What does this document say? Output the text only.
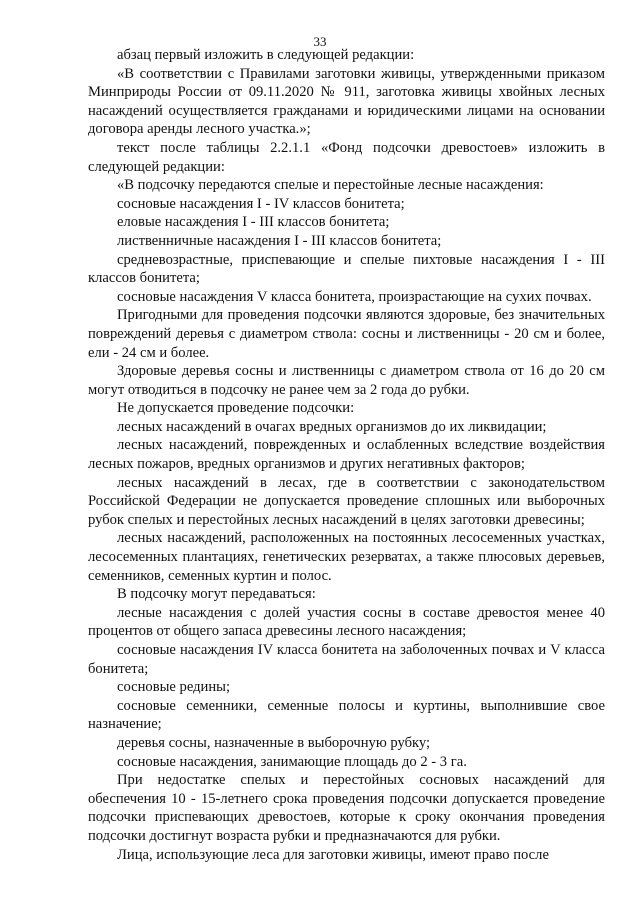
33

абзац первый изложить в следующей редакции:

«В соответствии с Правилами заготовки живицы, утвержденными приказом Минприроды России от 09.11.2020 № 911, заготовка живицы хвойных лесных насаждений осуществляется гражданами и юридическими лицами на основании договора аренды лесного участка.»;

текст после таблицы 2.2.1.1 «Фонд подсочки древостоев» изложить в следующей редакции:

«В подсочку передаются спелые и перестойные лесные насаждения:

сосновые насаждения I - IV классов бонитета;

еловые насаждения I - III классов бонитета;

лиственничные насаждения I - III классов бонитета;

средневозрастные, приспевающие и спелые пихтовые насаждения I - III классов бонитета;

сосновые насаждения V класса бонитета, произрастающие на сухих почвах.

Пригодными для проведения подсочки являются здоровые, без значительных повреждений деревья с диаметром ствола: сосны и лиственницы - 20 см и более, ели - 24 см и более.

Здоровые деревья сосны и лиственницы с диаметром ствола от 16 до 20 см могут отводиться в подсочку не ранее чем за 2 года до рубки.

Не допускается проведение подсочки:

лесных насаждений в очагах вредных организмов до их ликвидации;

лесных насаждений, поврежденных и ослабленных вследствие воздействия лесных пожаров, вредных организмов и других негативных факторов;

лесных насаждений в лесах, где в соответствии с законодательством Российской Федерации не допускается проведение сплошных или выборочных рубок спелых и перестойных лесных насаждений в целях заготовки древесины;

лесных насаждений, расположенных на постоянных лесосеменных участках, лесосеменных плантациях, генетических резерватах, а также плюсовых деревьев, семенников, семенных куртин и полос.

В подсочку могут передаваться:

лесные насаждения с долей участия сосны в составе древостоя менее 40 процентов от общего запаса древесины лесного насаждения;

сосновые насаждения IV класса бонитета на заболоченных почвах и V класса бонитета;

сосновые редины;

сосновые семенники, семенные полосы и куртины, выполнившие свое назначение;

деревья сосны, назначенные в выборочную рубку;

сосновые насаждения, занимающие площадь до 2 - 3 га.

При недостатке спелых и перестойных сосновых насаждений для обеспечения 10 - 15-летнего срока проведения подсочки допускается проведение подсочки приспевающих древостоев, которые к сроку окончания проведения подсочки достигнут возраста рубки и предназначаются для рубки.

Лица, использующие леса для заготовки живицы, имеют право после
